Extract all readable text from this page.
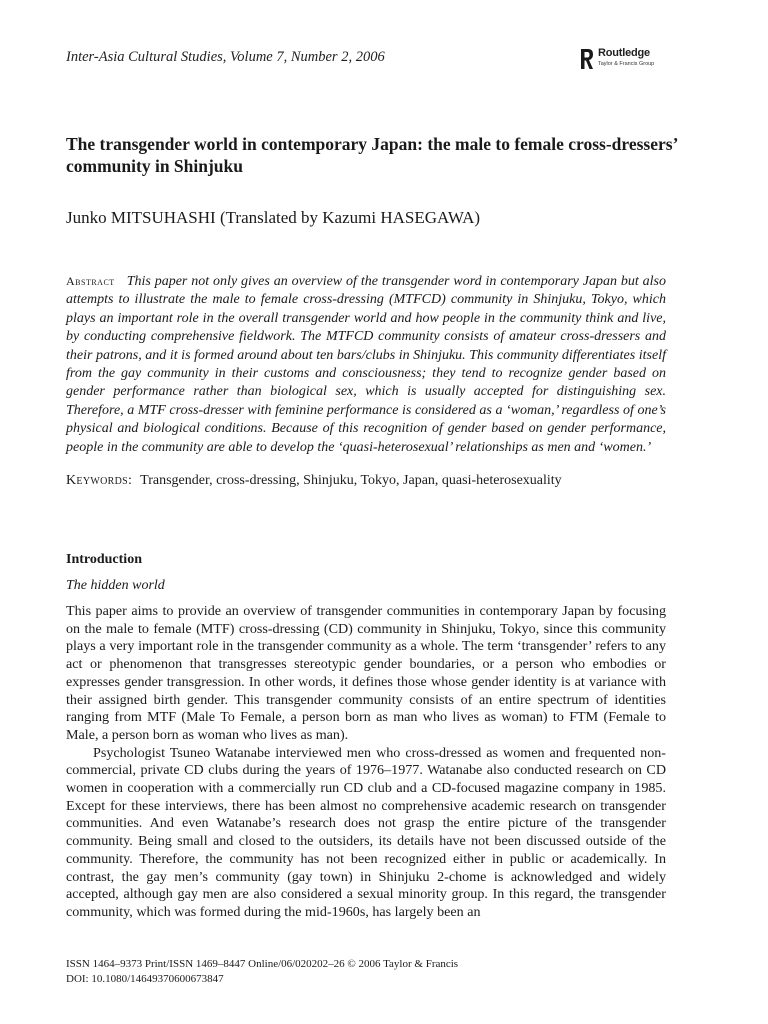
Inter-Asia Cultural Studies, Volume 7, Number 2, 2006	Routledge
Taylor & Francis Group
The transgender world in contemporary Japan: the male to female cross-dressers’ community in Shinjuku
Junko MITSUHASHI (Translated by Kazumi HASEGAWA)

Abstract This paper not only gives an overview of the transgender word in contemporary Japan but also attempts to illustrate the male to female cross-dressing (MTFCD) community in Shinjuku, Tokyo, which plays an important role in the overall transgender world and how people in the community think and live, by conducting comprehensive fieldwork. The MTFCD community consists of amateur cross-dressers and their patrons, and it is formed around about ten bars/clubs in Shinjuku. This community differentiates itself from the gay community in their customs and consciousness; they tend to recognize gender based on gender performance rather than biological sex, which is usually accepted for distinguishing sex. Therefore, a MTF cross-dresser with feminine performance is considered as a ‘woman,’ regardless of one’s physical and biological conditions. Because of this recognition of gender based on gender performance, people in the community are able to develop the ‘quasi-heterosexual’ relationships as men and ‘women.’

Keywords: Transgender, cross-dressing, Shinjuku, Tokyo, Japan, quasi-heterosexuality
Introduction
The hidden world

This paper aims to provide an overview of transgender communities in contemporary Japan by focusing on the male to female (MTF) cross-dressing (CD) community in Shinjuku, Tokyo, since this community plays a very important role in the transgender community as a whole. The term ‘transgender’ refers to any act or phenomenon that transgresses stereotypic gender boundaries, or a person who embodies or expresses gender transgression. In other words, it defines those whose gender identity is at variance with their assigned birth gender. This transgender community consists of an entire spectrum of identities ranging from MTF (Male To Female, a person born as man who lives as woman) to FTM (Female to Male, a person born as woman who lives as man).

Psychologist Tsuneo Watanabe interviewed men who cross-dressed as women and frequented non-commercial, private CD clubs during the years of 1976–1977. Watanabe also conducted research on CD women in cooperation with a commercially run CD club and a CD-focused magazine company in 1985. Except for these interviews, there has been almost no comprehensive academic research on transgender communities. And even Watanabe’s research does not grasp the entire picture of the transgender community. Being small and closed to the outsiders, its details have not been discussed outside of the community. Therefore, the community has not been recognized either in public or academically. In contrast, the gay men’s community (gay town) in Shinjuku 2-chome is acknowledged and widely accepted, although gay men are also considered a sexual minority group. In this regard, the transgender community, which was formed during the mid-1960s, has largely been an

ISSN 1464–9373 Print/ISSN 1469–8447 Online/06/020202–26 © 2006 Taylor & Francis
DOI: 10.1080/14649370600673847
